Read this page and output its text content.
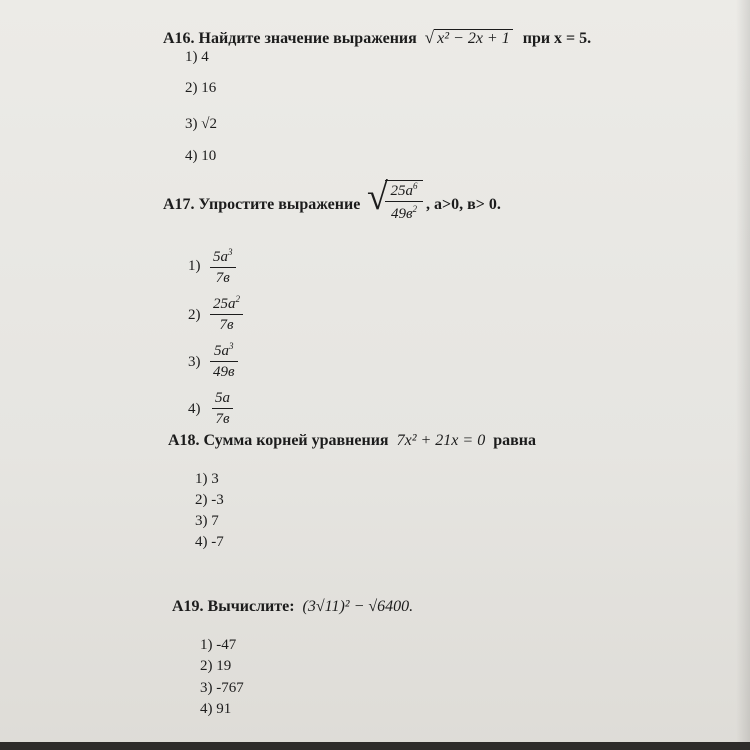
А16. Найдите значение выражения √ x² − 2x + 1 при x = 5.
1) 4
2) 16
3) √2
4) 10
А17. Упростите выражение √ $25a^6$
$49в^2$ , a>0, в> 0.
1)
$5a^3$
7в
2)
$25a^2$
7в
3)
$5a^3$
49в
4)
5a
7в
А18. Сумма корней уравнения 7x² + 21x = 0 равна
1) 3
2) -3
3) 7
4) -7
А19. Вычислите: (3√11)² − √6400.
1) -47
2) 19
3) -767
4) 91
